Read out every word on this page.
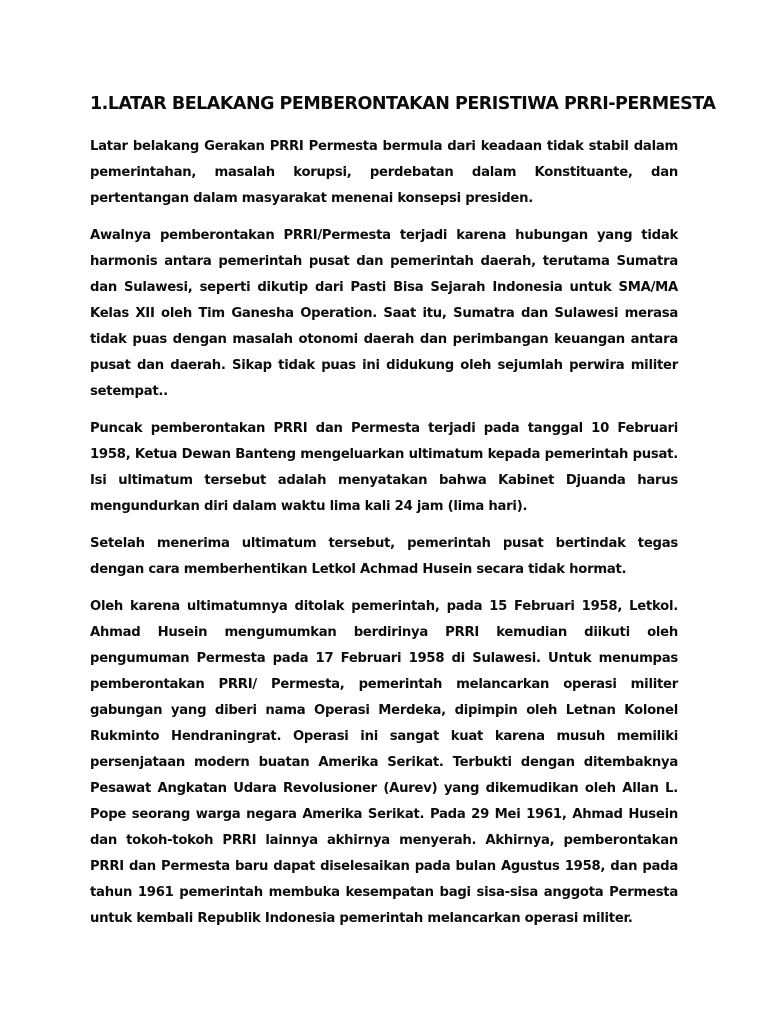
1.LATAR BELAKANG PEMBERONTAKAN PERISTIWA PRRI-PERMESTA

Latar belakang Gerakan PRRI Permesta bermula dari keadaan tidak stabil dalam pemerintahan, masalah korupsi, perdebatan dalam Konstituante, dan pertentangan dalam masyarakat menenai konsepsi presiden.

Awalnya pemberontakan PRRI/Permesta terjadi karena hubungan yang tidak harmonis antara pemerintah pusat dan pemerintah daerah, terutama Sumatra dan Sulawesi, seperti dikutip dari Pasti Bisa Sejarah Indonesia untuk SMA/MA Kelas XII oleh Tim Ganesha Operation. Saat itu, Sumatra dan Sulawesi merasa tidak puas dengan masalah otonomi daerah dan perimbangan keuangan antara pusat dan daerah. Sikap tidak puas ini didukung oleh sejumlah perwira militer setempat..

Puncak pemberontakan PRRI dan Permesta terjadi pada tanggal 10 Februari 1958, Ketua Dewan Banteng mengeluarkan ultimatum kepada pemerintah pusat. Isi ultimatum tersebut adalah menyatakan bahwa Kabinet Djuanda harus mengundurkan diri dalam waktu lima kali 24 jam (lima hari).

Setelah menerima ultimatum tersebut, pemerintah pusat bertindak tegas dengan cara memberhentikan Letkol Achmad Husein secara tidak hormat.

Oleh karena ultimatumnya ditolak pemerintah, pada 15 Februari 1958, Letkol. Ahmad Husein mengumumkan berdirinya PRRI kemudian diikuti oleh pengumuman Permesta pada 17 Februari 1958 di Sulawesi. Untuk menumpas pemberontakan PRRI/ Permesta, pemerintah melancarkan operasi militer gabungan yang diberi nama Operasi Merdeka, dipimpin oleh Letnan Kolonel Rukminto Hendraningrat. Operasi ini sangat kuat karena musuh memiliki persenjataan modern buatan Amerika Serikat. Terbukti dengan ditembaknya Pesawat Angkatan Udara Revolusioner (Aurev) yang dikemudikan oleh Allan L. Pope seorang warga negara Amerika Serikat. Pada 29 Mei 1961, Ahmad Husein dan tokoh-tokoh PRRI lainnya akhirnya menyerah. Akhirnya, pemberontakan PRRI dan Permesta baru dapat diselesaikan pada bulan Agustus 1958, dan pada tahun 1961 pemerintah membuka kesempatan bagi sisa-sisa anggota Permesta untuk kembali Republik Indonesia pemerintah melancarkan operasi militer.
